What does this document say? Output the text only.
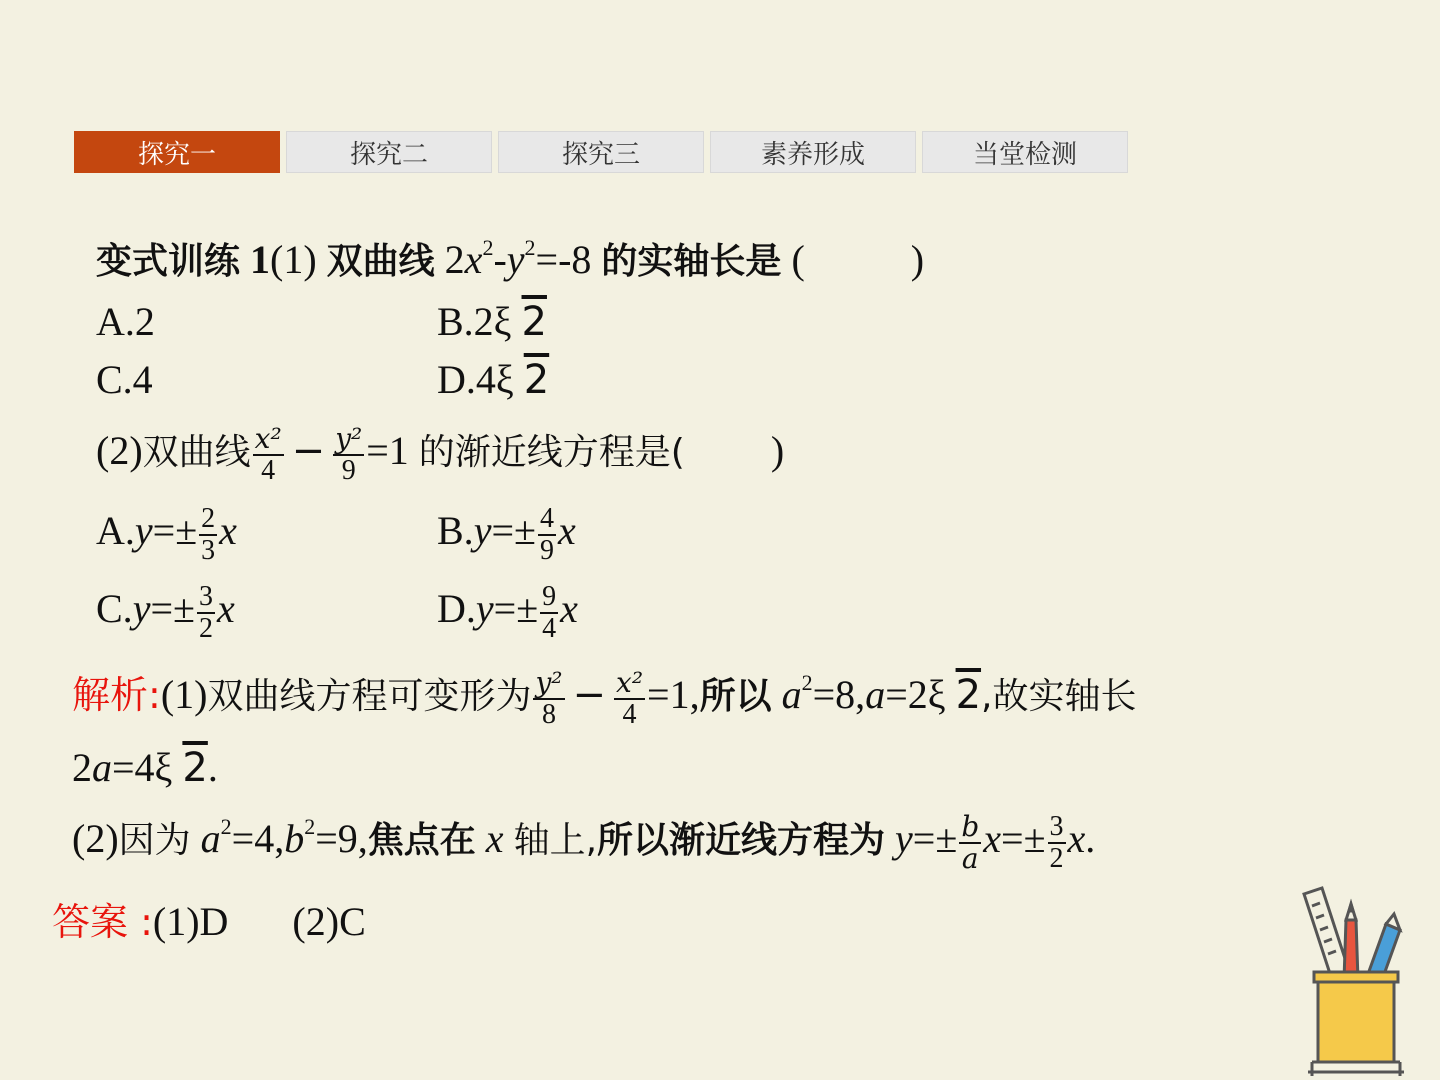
探究一	探究二	探究三	素养形成	当堂检测
变式训练 1(1) 双曲线 $2x^2-y^2=-8$ 的实轴长是 (	)
A.2	B.2ξ 2
C.4	D.4ξ 2
(2)双曲线 $\frac{\text{x²}}{4} - \frac{\text{y²}}{9} =1$ 的渐近线方程是( )
$A.y=\pm \frac{2}{3}$ x	$B.y=\pm \frac{4}{9}$ x
$C.y=\pm \frac{3}{2}$ x	$D.y=\pm \frac{9}{4}$ x
解析:(1)双曲线方程可变形为 $\frac{\text{y²}}{8} - \frac{\text{x²}}{4} =1$,所以 $a^2=8,a=2\xi$ 2,故实轴长
2a=4ξ 2.
(2)因为 $a^2=4,b^2=9$,焦点在 x 轴上,所以渐近线方程为 $y=\pm \frac{b}{a} x=\pm \frac{3}{2} x$.
答案 :(1)D (2)C
